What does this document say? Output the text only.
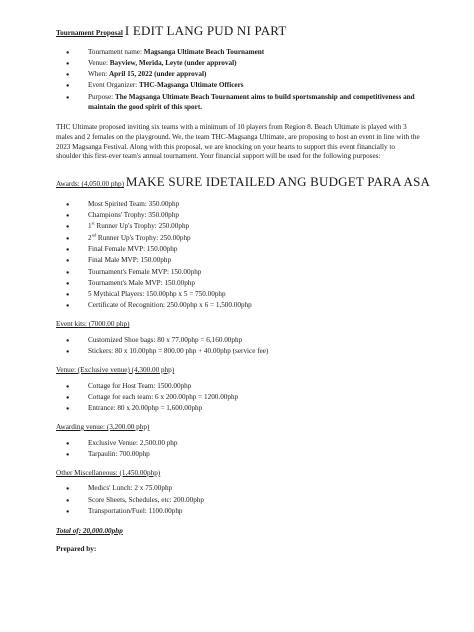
Tournament Proposal I EDIT LANG PUD NI PART
● Tournament name: Magsanga Ultimate Beach Tournament
● Venue: Bayview, Merida, Leyte (under approval)
● When: April 15, 2022 (under approval)
● Event Organizer: THC-Magsanga Ultimate Officers
● Purpose: The Magsanga Ultimate Beach Tournament aims to build sportsmanship and competitiveness and maintain the good spirit of this sport.

THC Ultimate proposed inviting six teams with a minimum of 10 players from Region 8. Beach Ultimate is played with 3 males and 2 females on the playground. We, the team THC-Magsanga Ultimate, are proposing to host an event in line with the 2023 Magsanga Festival. Along with this proposal, we are knocking on your hearts to support this event financially to shoulder this first-ever team's annual tournament. Your financial support will be used for the following purposes:

Awards: (4,050.00 php) MAKE SURE IDETAILED ANG BUDGET PARA ASA
● Most Spirited Team: 350.00php
● Champions' Trophy: 350.00php
● 1st Runner Up's Trophy: 250.00php
● 2nd Runner Up's Trophy: 250.00php
● Final Female MVP: 150.00php
● Final Male MVP: 150.00php
● Tournament's Female MVP: 150.00php
● Tournament's Male MVP: 150.00php
● 5 Mythical Players: 150.00php x 5 = 750.00php
● Certificate of Recognition: 250.00php x 6 = 1,500.00php
Event kits: (7000.00 php)
● Customized Shoe bags: 80 x 77.00php = 6,160.00php
● Stickers: 80 x 10.00php = 800.00 php + 40.00php (service fee)
Venue: (Exclusive venue) (4,300.00 php)
● Cottage for Host Team: 1500.00php
● Cottage for each team: 6 x 200.00php = 1200.00php
● Entrance: 80 x 20.00php = 1,600.00php
Awarding venue: (3,200.00 php)
● Exclusive Venue: 2,500.00 php
● Tarpaulin: 700.00php
Other Miscellaneous: (1,450.00php)
● Medics' Lunch: 2 x 75.00php
● Score Sheets, Schedules, etc: 200.00php
● Transportation/Fuel: 1100.00php
Total of: 20,000.00php
Prepared by:
